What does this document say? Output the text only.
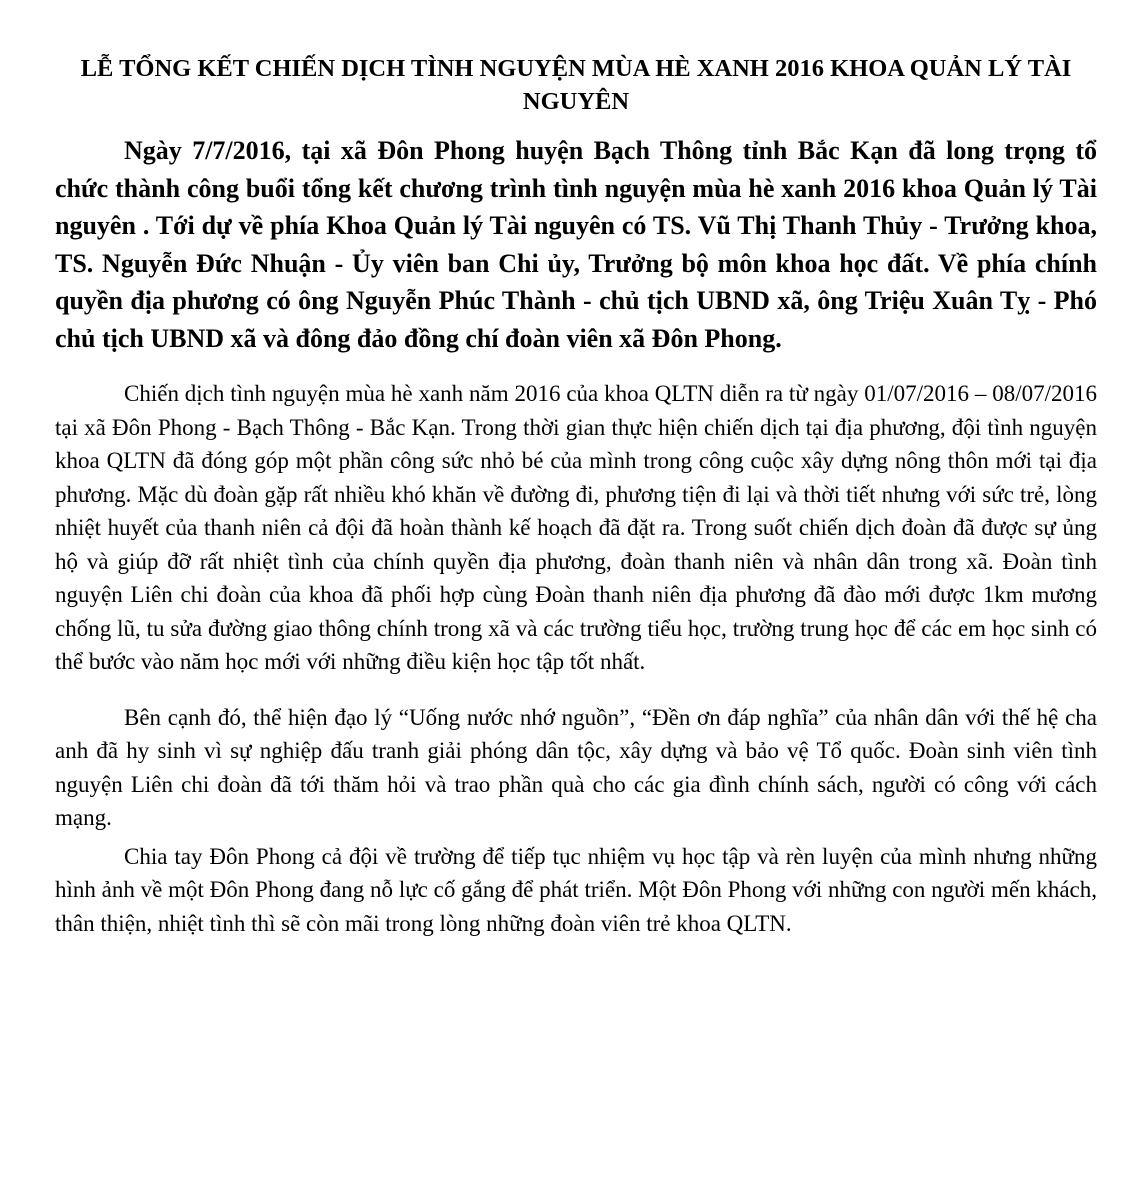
LỄ TỔNG KẾT CHIẾN DỊCH TÌNH NGUYỆN MÙA HÈ XANH 2016 KHOA QUẢN LÝ TÀI NGUYÊN

Ngày 7/7/2016, tại xã Đôn Phong huyện Bạch Thông tỉnh Bắc Kạn đã long trọng tổ chức thành công buổi tổng kết chương trình tình nguyện mùa hè xanh 2016 khoa Quản lý Tài nguyên . Tới dự về phía Khoa Quản lý Tài nguyên có TS. Vũ Thị Thanh Thủy - Trưởng khoa, TS. Nguyễn Đức Nhuận - Ủy viên ban Chi ủy, Trưởng bộ môn khoa học đất. Về phía chính quyền địa phương có ông Nguyễn Phúc Thành - chủ tịch UBND xã, ông Triệu Xuân Tỵ - Phó chủ tịch UBND xã và đông đảo đồng chí đoàn viên xã Đôn Phong.

Chiến dịch tình nguyện mùa hè xanh năm 2016 của khoa QLTN diễn ra từ ngày 01/07/2016 – 08/07/2016 tại xã Đôn Phong - Bạch Thông - Bắc Kạn. Trong thời gian thực hiện chiến dịch tại địa phương, đội tình nguyện khoa QLTN đã đóng góp một phần công sức nhỏ bé của mình trong công cuộc xây dựng nông thôn mới tại địa phương. Mặc dù đoàn gặp rất nhiều khó khăn về đường đi, phương tiện đi lại và thời tiết nhưng với sức trẻ, lòng nhiệt huyết của thanh niên cả đội đã hoàn thành kế hoạch đã đặt ra. Trong suốt chiến dịch đoàn đã được sự ủng hộ và giúp đỡ rất nhiệt tình của chính quyền địa phương, đoàn thanh niên và nhân dân trong xã. Đoàn tình nguyện Liên chi đoàn của khoa đã phối hợp cùng Đoàn thanh niên địa phương đã đào mới được 1km mương chống lũ, tu sửa đường giao thông chính trong xã và các trường tiểu học, trường trung học để các em học sinh có thể bước vào năm học mới với những điều kiện học tập tốt nhất.

Bên cạnh đó, thể hiện đạo lý “Uống nước nhớ nguồn”, “Đền ơn đáp nghĩa” của nhân dân với thế hệ cha anh đã hy sinh vì sự nghiệp đấu tranh giải phóng dân tộc, xây dựng và bảo vệ Tổ quốc. Đoàn sinh viên tình nguyện Liên chi đoàn đã tới thăm hỏi và trao phần quà cho các gia đình chính sách, người có công với cách mạng.

Chia tay Đôn Phong cả đội về trường để tiếp tục nhiệm vụ học tập và rèn luyện của mình nhưng những hình ảnh về một Đôn Phong đang nỗ lực cố gắng để phát triển. Một Đôn Phong với những con người mến khách, thân thiện, nhiệt tình thì sẽ còn mãi trong lòng những đoàn viên trẻ khoa QLTN.
